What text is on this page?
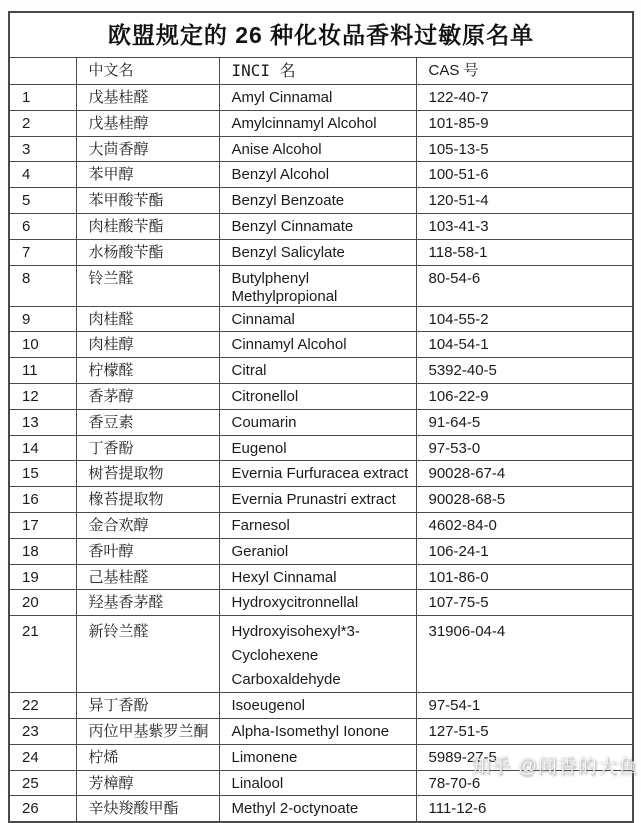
欧盟规定的 26 种化妆品香料过敏原名单			
	中文名	INCI 名	CAS 号
1	戊基桂醛	Amyl Cinnamal	122-40-7
2	戊基桂醇	Amylcinnamyl Alcohol	101-85-9
3	大茴香醇	Anise Alcohol	105-13-5
4	苯甲醇	Benzyl Alcohol	100-51-6
5	苯甲酸苄酯	Benzyl Benzoate	120-51-4
6	肉桂酸苄酯	Benzyl Cinnamate	103-41-3
7	水杨酸苄酯	Benzyl Salicylate	118-58-1
8	铃兰醛	Butylphenyl Methylpropional	80-54-6
9	肉桂醛	Cinnamal	104-55-2
10	肉桂醇	Cinnamyl Alcohol	104-54-1
11	柠檬醛	Citral	5392-40-5
12	香茅醇	Citronellol	106-22-9
13	香豆素	Coumarin	91-64-5
14	丁香酚	Eugenol	97-53-0
15	树苔提取物	Evernia Furfuracea extract	90028-67-4
16	橡苔提取物	Evernia Prunastri extract	90028-68-5
17	金合欢醇	Farnesol	4602-84-0
18	香叶醇	Geraniol	106-24-1
19	己基桂醛	Hexyl Cinnamal	101-86-0
20	羟基香茅醛	Hydroxycitronnellal	107-75-5
21	新铃兰醛	Hydroxyisohexyl*3-Cyclohexene Carboxaldehyde	31906-04-4
22	异丁香酚	Isoeugenol	97-54-1
23	丙位甲基紫罗兰酮	Alpha-Isomethyl Ionone	127-51-5
24	柠烯	Limonene	5989-27-5
25	芳樟醇	Linalool	78-70-6
26	辛炔羧酸甲酯	Methyl 2-octynoate	111-12-6
知乎 @闻香的大鱼
